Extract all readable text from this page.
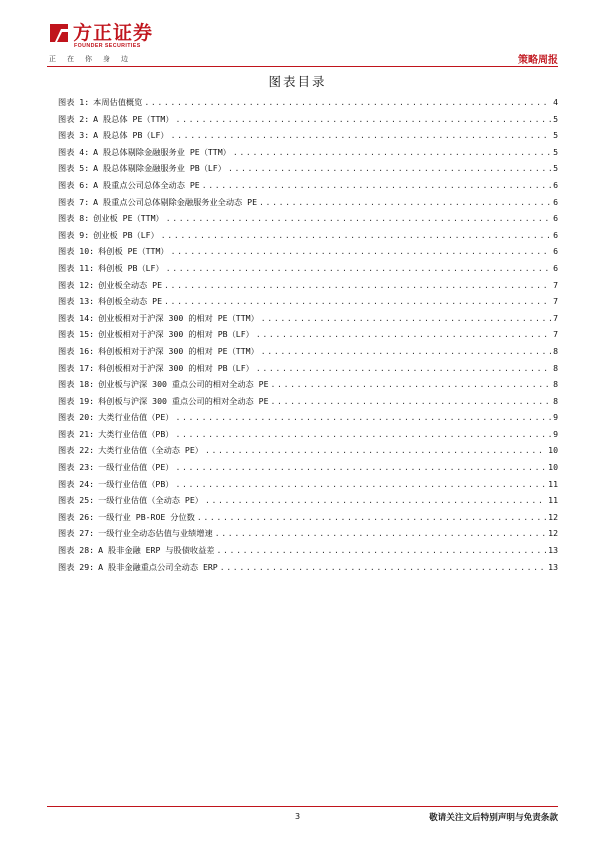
方正证券
FOUNDER SECURITIES
正在你身边	策略周报
图表目录
图表 1: 本周估值概览 .....	4
图表 2: A 股总体 PE（TTM） .....	5
图表 3: A 股总体 PB（LF） .....	5
图表 4: A 股总体剔除金融服务业 PE（TTM） .....	5
图表 5: A 股总体剔除金融服务业 PB（LF） .....	5
图表 6: A 股重点公司总体全动态 PE .....	6
图表 7: A 股重点公司总体剔除金融服务业全动态 PE .....	6
图表 8: 创业板 PE（TTM） .....	6
图表 9: 创业板 PB（LF） .....	6
图表 10: 科创板 PE（TTM） .....	6
图表 11: 科创板 PB（LF） .....	6
图表 12: 创业板全动态 PE .....	7
图表 13: 科创板全动态 PE .....	7
图表 14: 创业板相对于沪深 300 的相对 PE（TTM） .....	7
图表 15: 创业板相对于沪深 300 的相对 PB（LF） .....	7
图表 16: 科创板相对于沪深 300 的相对 PE（TTM） .....	8
图表 17: 科创板相对于沪深 300 的相对 PB（LF） .....	8
图表 18: 创业板与沪深 300 重点公司的相对全动态 PE .....	8
图表 19: 科创板与沪深 300 重点公司的相对全动态 PE .....	8
图表 20: 大类行业估值（PE） .....	9
图表 21: 大类行业估值（PB） .....	9
图表 22: 大类行业估值（全动态 PE） .....	10
图表 23: 一级行业估值（PE） .....	10
图表 24: 一级行业估值（PB） .....	11
图表 25: 一级行业估值（全动态 PE） .....	11
图表 26: 一级行业 PB-ROE 分位数 .....	12
图表 27: 一级行业全动态估值与业绩增速 .....	12
图表 28: A 股非金融 ERP 与股债收益差 .....	13
图表 29: A 股非金融重点公司全动态 ERP .....	13
3	敬请关注文后特别声明与免责条款
